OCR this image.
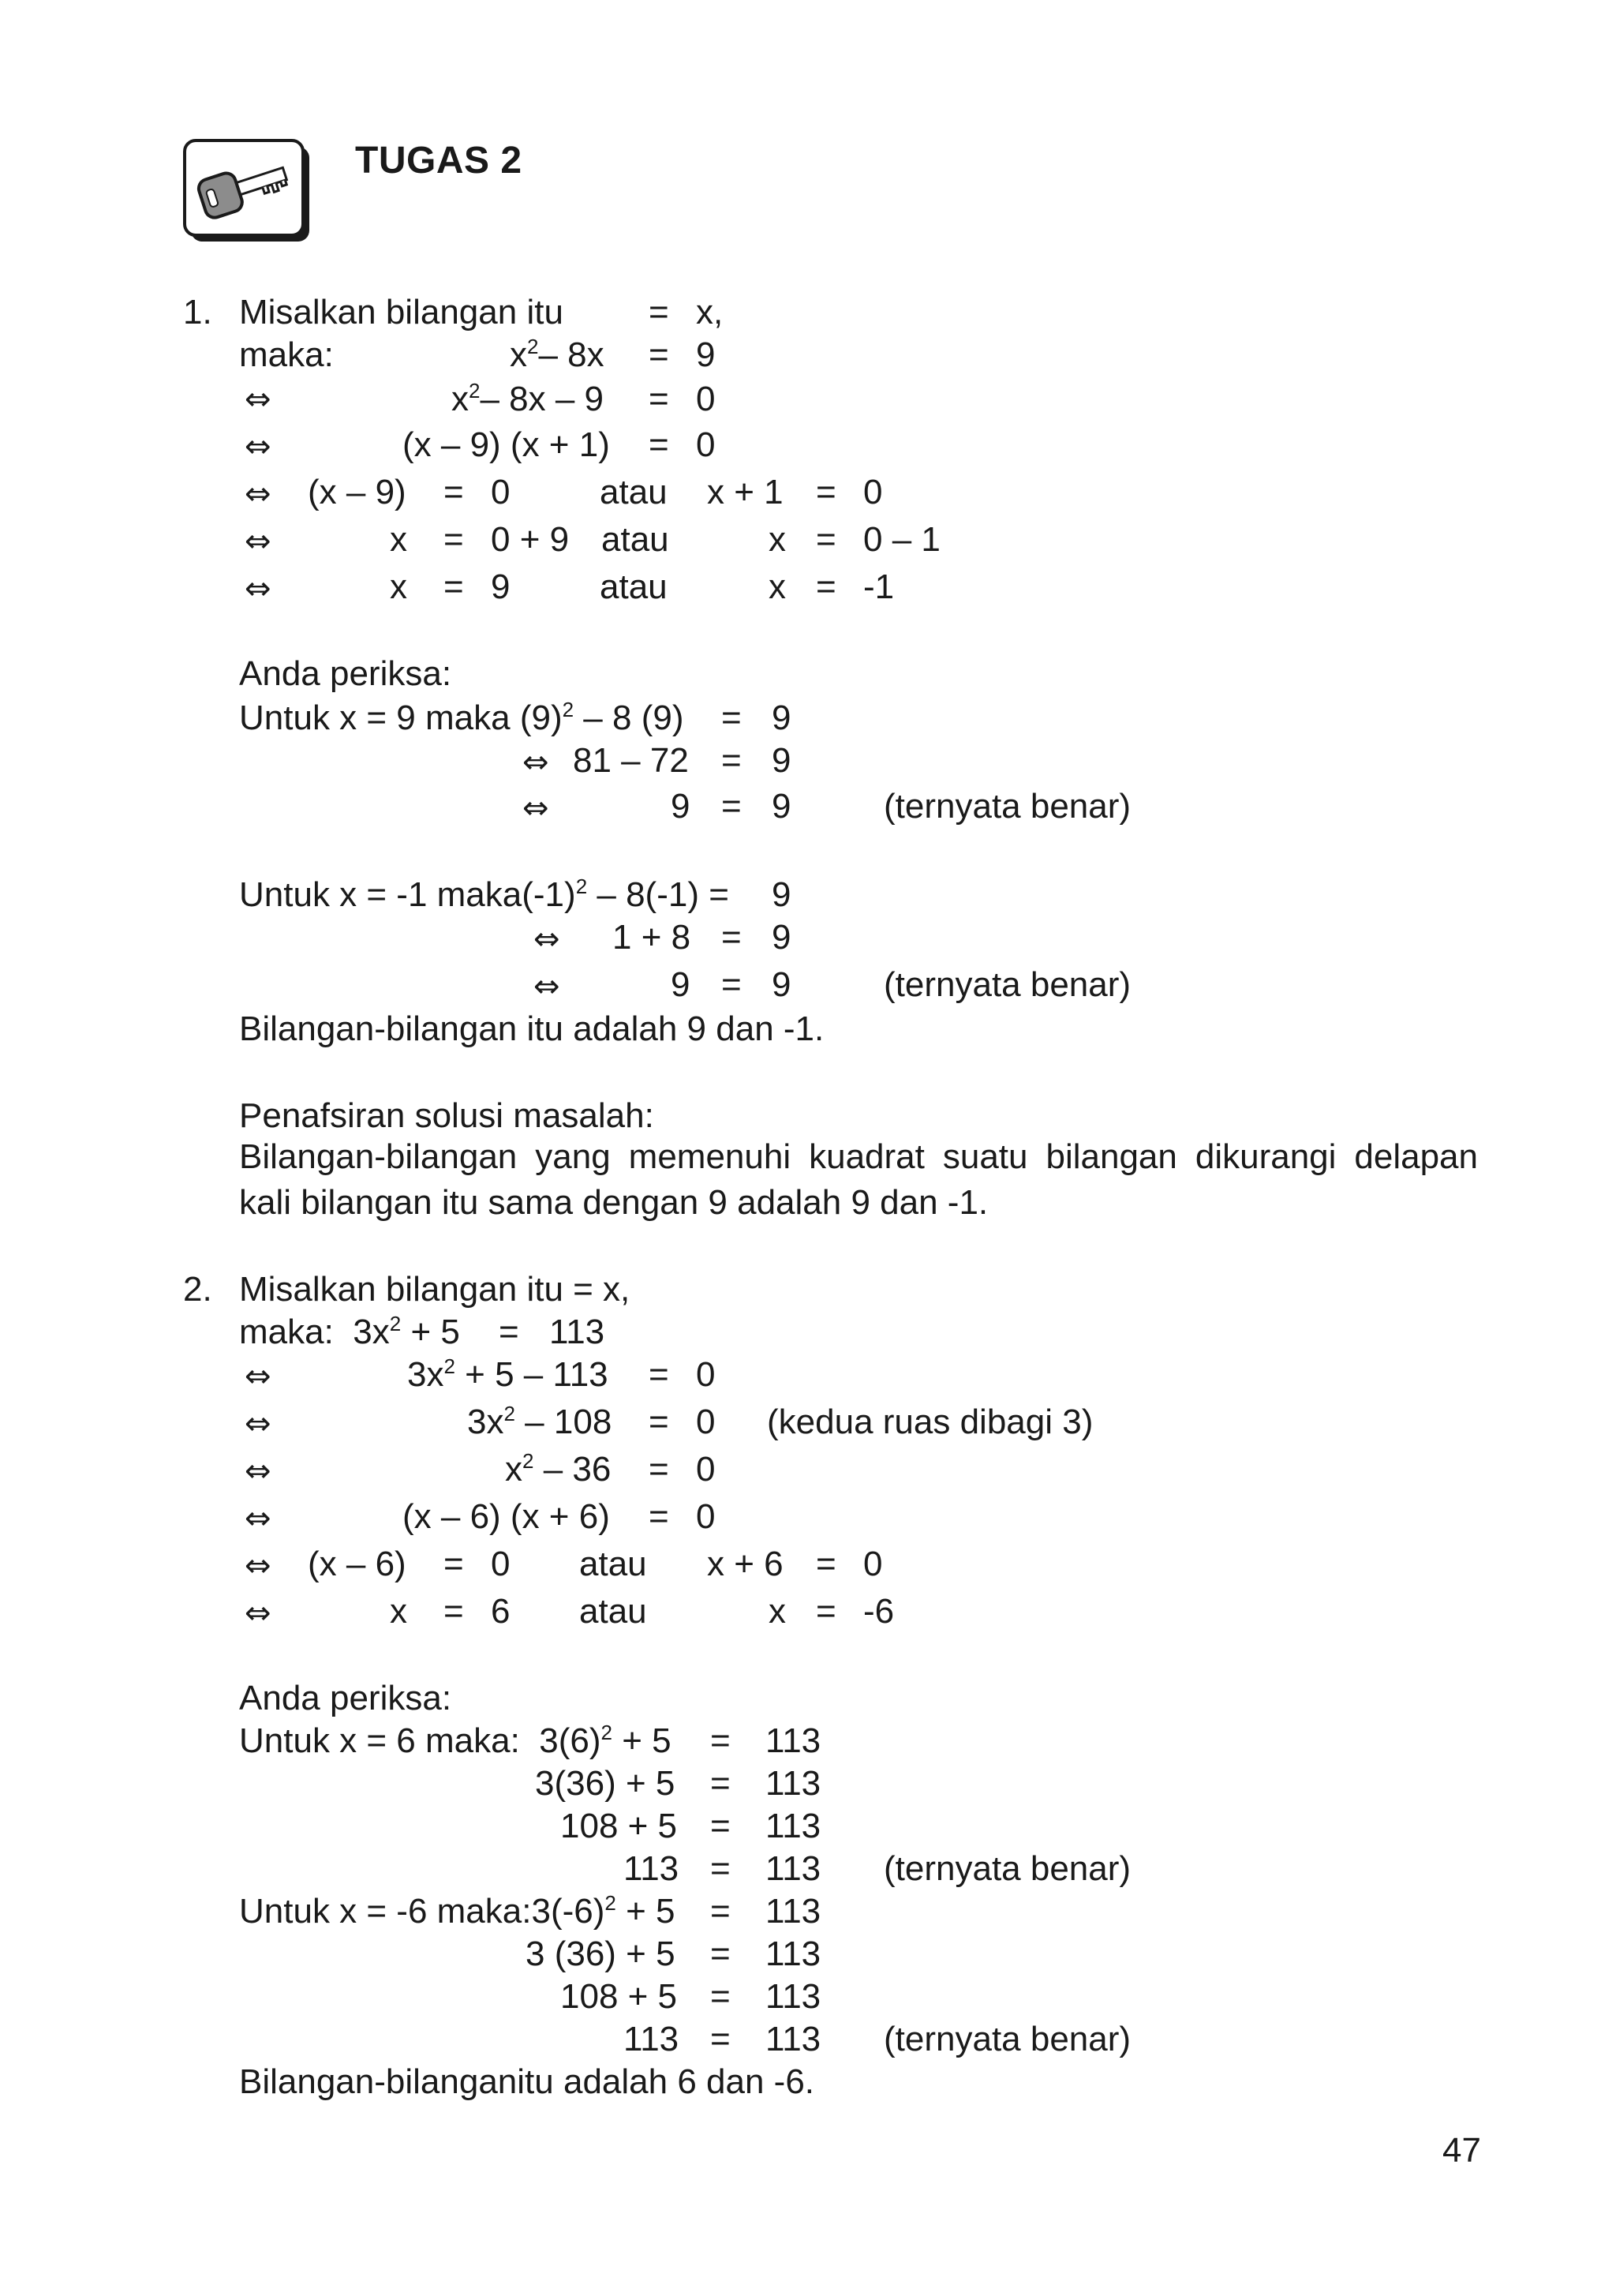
TUGAS 2
1. Misalkan bilangan itu = x,
maka:	$x^2-$ 8x = 9
⇔	$x^2-$ 8x – 9 = 0
⇔	(x – 9) (x + 1) = 0
⇔ (x – 9) = 0	atau x + 1 = 0
⇔	x = 0 + 9 atau	x = 0 – 1
⇔	x = 9	atau	x = -1
Anda periksa:
Untuk x = 9 maka $(9)^2 - 8$ (9) = 9
⇔ 81 – 72 = 9
⇔	9 = 9	(ternyata benar)
Untuk x = -1 $maka(-1)^2 - 8(-1) = 9$
⇔ 1 + 8 = 9
⇔	9 = 9	(ternyata benar)
Bilangan-bilangan itu adalah 9 dan -1.
Penafsiran solusi masalah:
Bilangan-bilangan yang memenuhi kuadrat suatu bilangan dikurangi delapan kali bilangan itu sama dengan 9 adalah 9 dan -1.
2. Misalkan bilangan itu = x,
maka:  $3x^2 + 5 = 113$
⇔	$3x^2 + 5 - 113 = 0$
⇔	$3x^2 - 108 = 0$ (kedua ruas dibagi 3)
⇔	$x^2 - 36 = 0$
⇔	(x – 6) (x + 6) = 0
⇔ (x – 6) = 0 atau x + 6 = 0
⇔	x = 6 atau	x = -6
Anda periksa:
Untuk x = 6 maka:  $3(6)^2 + 5 = 113$
3(36) + 5 = 113
108 + 5 = 113
113 = 113 (ternyata benar)
Untuk x = -6 $maka:3(-6)^2 + 5 = 113$
3 (36) + 5 = 113
108 + 5 = 113
113 = 113 (ternyata benar)
Bilangan-bilanganitu adalah 6 dan -6.
47
